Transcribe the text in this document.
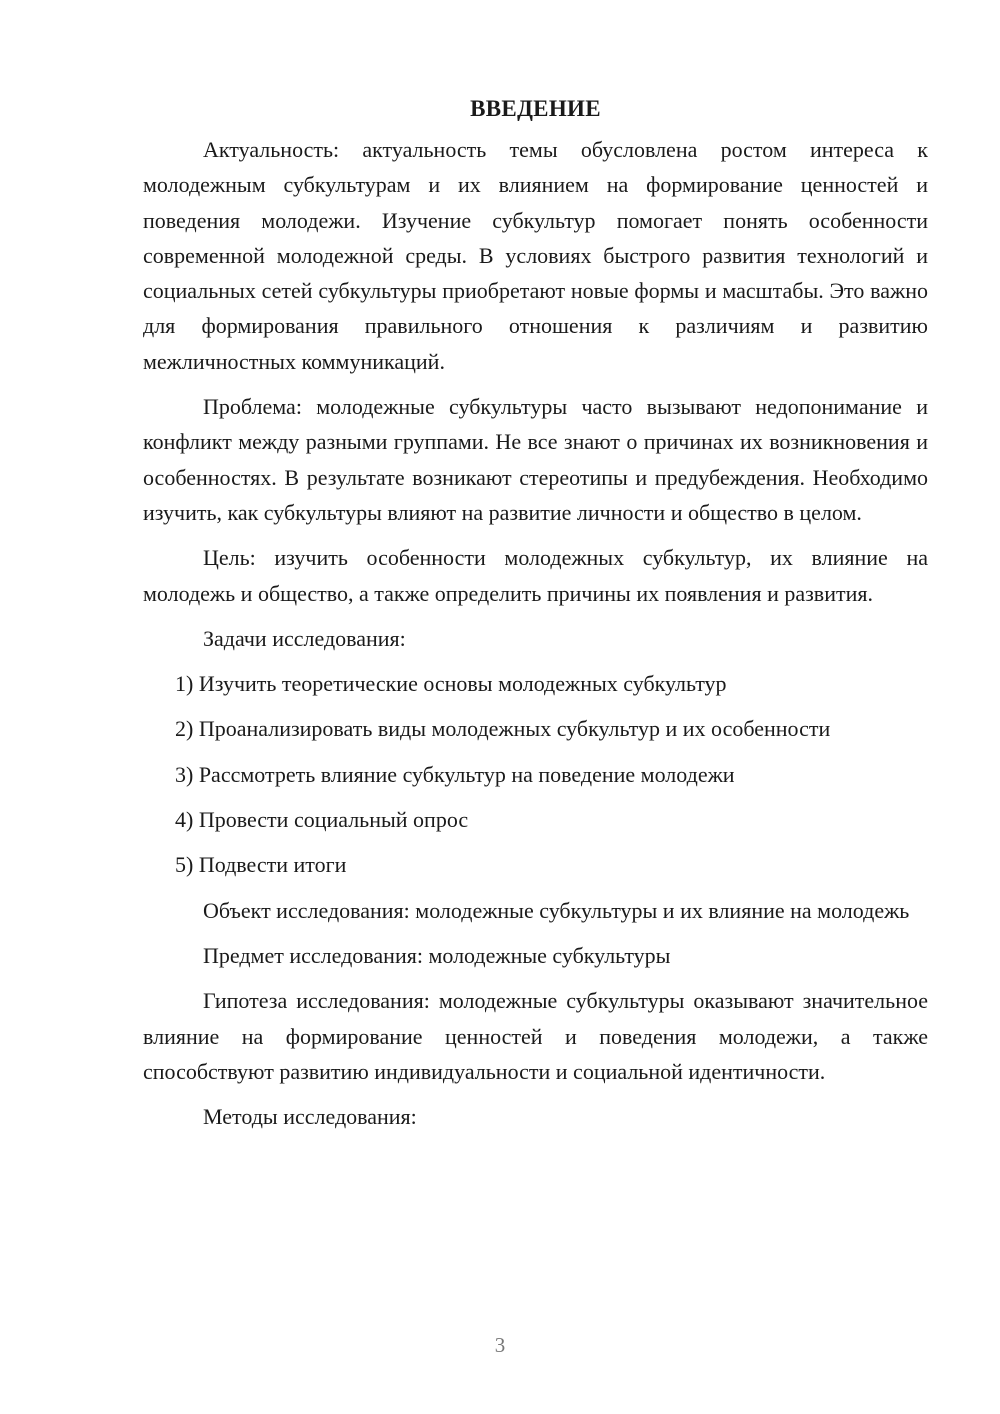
ВВЕДЕНИЕ

Актуальность: актуальность темы обусловлена ростом интереса к молодежным субкультурам и их влиянием на формирование ценностей и поведения молодежи. Изучение субкультур помогает понять особенности современной молодежной среды. В условиях быстрого развития технологий и социальных сетей субкультуры приобретают новые формы и масштабы. Это важно для формирования правильного отношения к различиям и развитию межличностных коммуникаций.

Проблема: молодежные субкультуры часто вызывают недопонимание и конфликт между разными группами. Не все знают о причинах их возникновения и особенностях. В результате возникают стереотипы и предубеждения. Необходимо изучить, как субкультуры влияют на развитие личности и общество в целом.

Цель: изучить особенности молодежных субкультур, их влияние на молодежь и общество, а также определить причины их появления и развития.

Задачи исследования:

1) Изучить теоретические основы молодежных субкультур
2) Проанализировать виды молодежных субкультур и их особенности
3) Рассмотреть влияние субкультур на поведение молодежи
4) Провести социальный опрос
5) Подвести итоги

Объект исследования: молодежные субкультуры и их влияние на молодежь

Предмет исследования: молодежные субкультуры

Гипотеза исследования: молодежные субкультуры оказывают значительное влияние на формирование ценностей и поведения молодежи, а также способствуют развитию индивидуальности и социальной идентичности.

Методы исследования:

3
